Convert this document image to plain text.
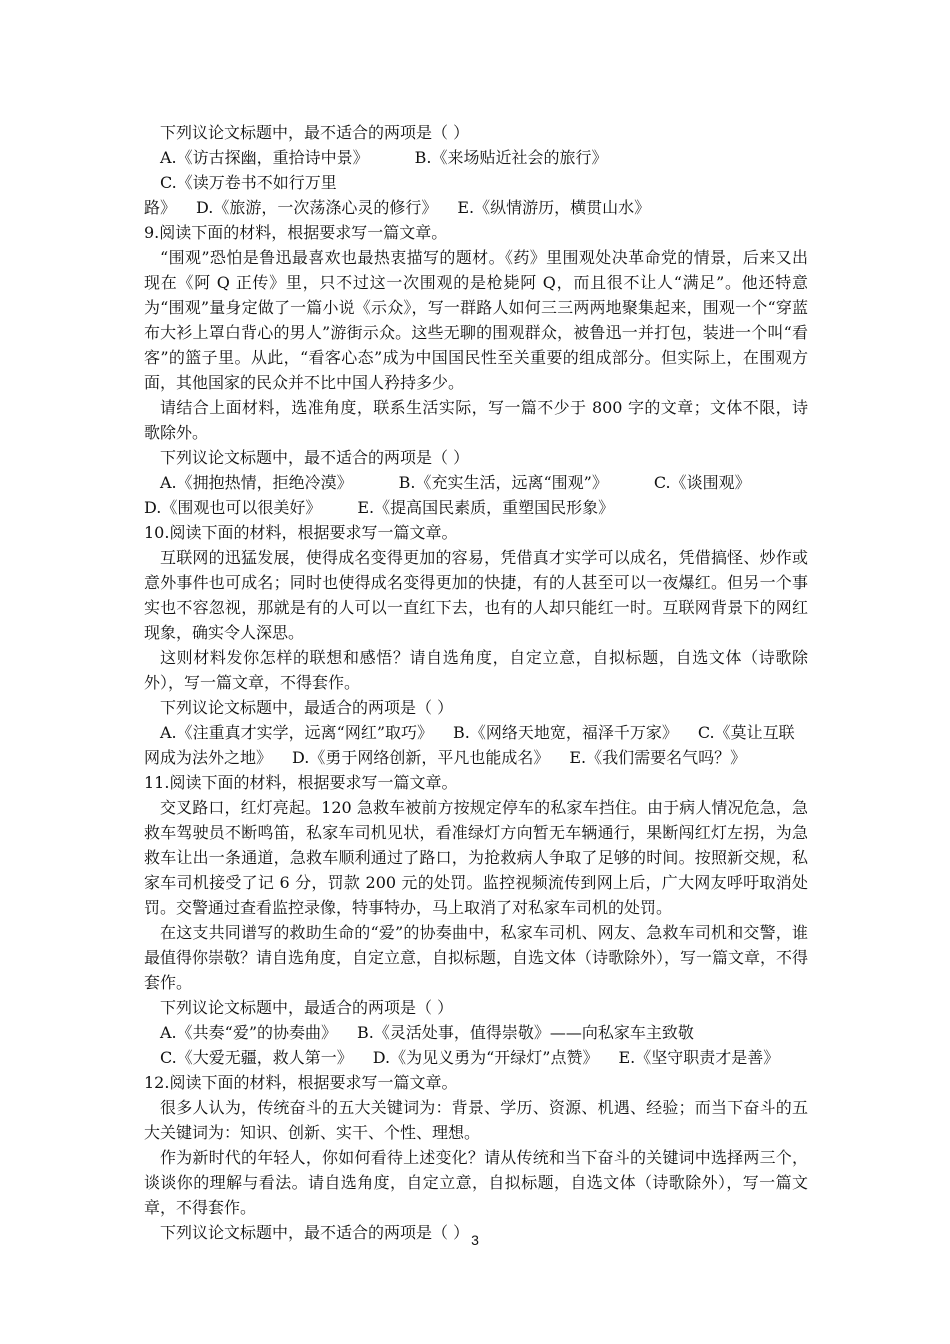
下列议论文标题中，最不适合的两项是（ ）

A.《访古探幽，重拾诗中景》	B.《来场贴近社会的旅行》C.《读万卷书不如行万里

路》 D.《旅游，一次荡涤心灵的修行》 E.《纵情游历，横贯山水》

9.阅读下面的材料，根据要求写一篇文章。

“围观”恐怕是鲁迅最喜欢也最热衷描写的题材。《药》里围观处决革命党的情景，后来又出现在《阿 Q 正传》里，只不过这一次围观的是枪毙阿 Q，而且很不让人“满足”。他还特意为“围观”量身定做了一篇小说《示众》，写一群路人如何三三两两地聚集起来，围观一个“穿蓝布大衫上罩白背心的男人”游街示众。这些无聊的围观群众，被鲁迅一并打包，装进一个叫“看客”的篮子里。从此，“看客心态”成为中国国民性至关重要的组成部分。但实际上，在围观方面，其他国家的民众并不比中国人矜持多少。

请结合上面材料，选准角度，联系生活实际，写一篇不少于 800 字的文章；文体不限，诗歌除外。

下列议论文标题中，最不适合的两项是（ ）

A.《拥抱热情，拒绝冷漠》	B.《充实生活，远离“围观”》	C.《谈围观》

D.《围观也可以很美好》 E.《提高国民素质，重塑国民形象》

10.阅读下面的材料，根据要求写一篇文章。

互联网的迅猛发展，使得成名变得更加的容易，凭借真才实学可以成名，凭借搞怪、炒作或意外事件也可成名；同时也使得成名变得更加的快捷，有的人甚至可以一夜爆红。但另一个事实也不容忽视，那就是有的人可以一直红下去，也有的人却只能红一时。互联网背景下的网红现象，确实令人深思。

这则材料发你怎样的联想和感悟？请自选角度，自定立意，自拟标题，自选文体（诗歌除外），写一篇文章，不得套作。

下列议论文标题中，最适合的两项是（ ）

A.《注重真才实学，远离“网红”取巧》 B.《网络天地宽，福泽千万家》 C.《莫让互联

网成为法外之地》 D.《勇于网络创新，平凡也能成名》 E.《我们需要名气吗？》

11.阅读下面的材料，根据要求写一篇文章。

交叉路口，红灯亮起。120 急救车被前方按规定停车的私家车挡住。由于病人情况危急，急救车驾驶员不断鸣笛，私家车司机见状，看准绿灯方向暂无车辆通行，果断闯红灯左拐，为急救车让出一条通道，急救车顺利通过了路口，为抢救病人争取了足够的时间。按照新交规，私家车司机接受了记 6 分，罚款 200 元的处罚。监控视频流传到网上后，广大网友呼吁取消处罚。交警通过查看监控录像，特事特办，马上取消了对私家车司机的处罚。

在这支共同谱写的救助生命的“爱”的协奏曲中，私家车司机、网友、急救车司机和交警，谁最值得你崇敬？请自选角度，自定立意，自拟标题，自选文体（诗歌除外），写一篇文章，不得套作。

下列议论文标题中，最适合的两项是（ ）

A.《共奏“爱”的协奏曲》 B.《灵活处事，值得崇敬》——向私家车主致敬

C.《大爱无疆，救人第一》 D.《为见义勇为“开绿灯”点赞》 E.《坚守职责才是善》

12.阅读下面的材料，根据要求写一篇文章。

很多人认为，传统奋斗的五大关键词为：背景、学历、资源、机遇、经验；而当下奋斗的五大关键词为：知识、创新、实干、个性、理想。

作为新时代的年轻人，你如何看待上述变化？请从传统和当下奋斗的关键词中选择两三个，谈谈你的理解与看法。请自选角度，自定立意，自拟标题，自选文体（诗歌除外），写一篇文章，不得套作。

下列议论文标题中，最不适合的两项是（ ） 3
